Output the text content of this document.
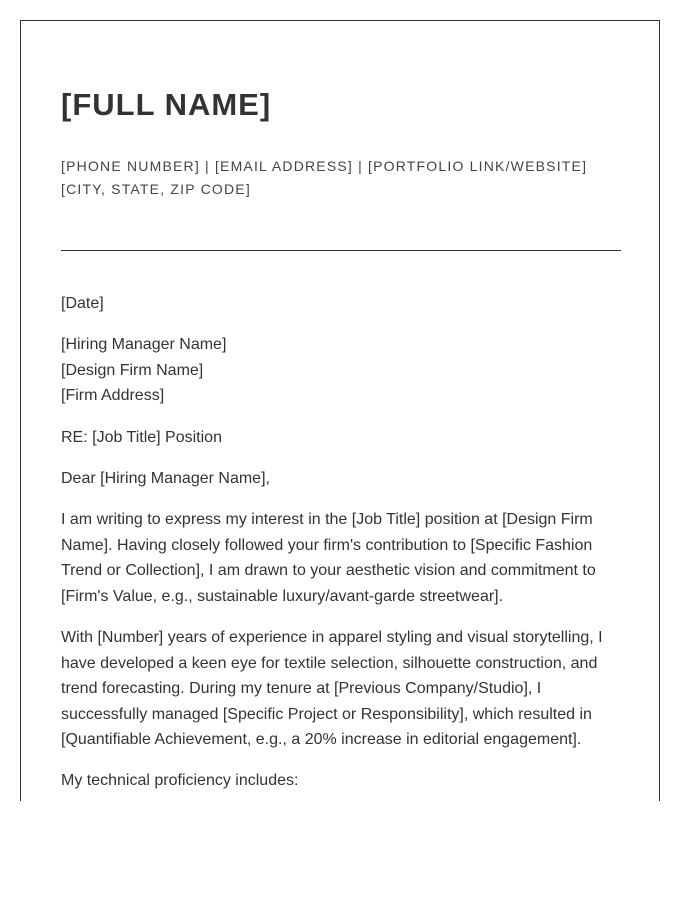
[FULL NAME]
[PHONE NUMBER] | [EMAIL ADDRESS] | [PORTFOLIO LINK/WEBSITE]
[CITY, STATE, ZIP CODE]

[Date]

[Hiring Manager Name]
[Design Firm Name]
[Firm Address]

RE: [Job Title] Position

Dear [Hiring Manager Name],

I am writing to express my interest in the [Job Title] position at [Design Firm Name]. Having closely followed your firm's contribution to [Specific Fashion Trend or Collection], I am drawn to your aesthetic vision and commitment to [Firm's Value, e.g., sustainable luxury/avant-garde streetwear].

With [Number] years of experience in apparel styling and visual storytelling, I have developed a keen eye for textile selection, silhouette construction, and trend forecasting. During my tenure at [Previous Company/Studio], I successfully managed [Specific Project or Responsibility], which resulted in [Quantifiable Achievement, e.g., a 20% increase in editorial engagement].

My technical proficiency includes:
